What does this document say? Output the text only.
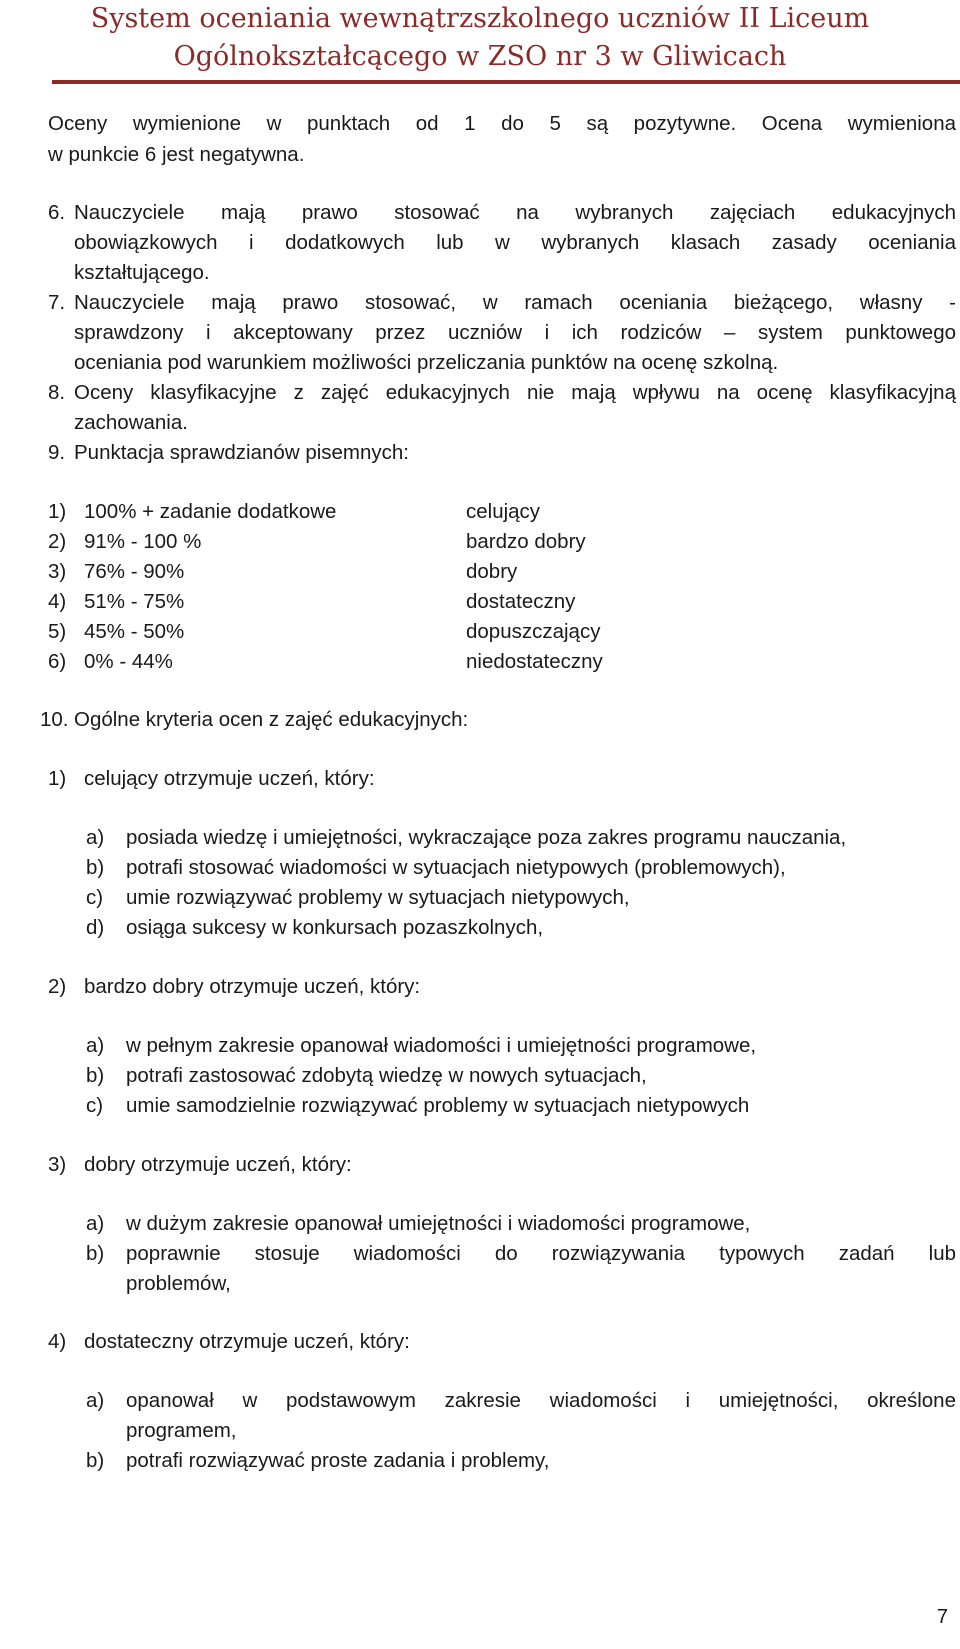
System oceniania wewnątrzszkolnego uczniów II Liceum
Ogólnokształcącego w ZSO nr 3 w Gliwicach
Oceny wymienione w punktach od 1 do 5 są pozytywne. Ocena wymieniona
w punkcie 6 jest negatywna.
6. Nauczyciele mają prawo stosować na wybranych zajęciach edukacyjnych
obowiązkowych i dodatkowych lub w wybranych klasach zasady oceniania
kształtującego.
7. Nauczyciele mają prawo stosować, w ramach oceniania bieżącego, własny -
sprawdzony i akceptowany przez uczniów i ich rodziców – system punktowego
oceniania pod warunkiem możliwości przeliczania punktów na ocenę szkolną.
8. Oceny klasyfikacyjne z zajęć edukacyjnych nie mają wpływu na ocenę klasyfikacyjną
zachowania.
9. Punktacja sprawdzianów pisemnych:
1) 100% + zadanie dodatkowe	celujący
2) 91% - 100 %	bardzo dobry
3) 76% - 90%	dobry
4) 51% - 75%	dostateczny
5) 45% - 50%	dopuszczający
6) 0% - 44%	niedostateczny
10. Ogólne kryteria ocen z zajęć edukacyjnych:
1) celujący otrzymuje uczeń, który:
a) posiada wiedzę i umiejętności, wykraczające poza zakres programu nauczania,
b) potrafi stosować wiadomości w sytuacjach nietypowych (problemowych),
c) umie rozwiązywać problemy w sytuacjach nietypowych,
d) osiąga sukcesy w konkursach pozaszkolnych,
2) bardzo dobry otrzymuje uczeń, który:
a) w pełnym zakresie opanował wiadomości i umiejętności programowe,
b) potrafi zastosować zdobytą wiedzę w nowych sytuacjach,
c) umie samodzielnie rozwiązywać problemy w sytuacjach nietypowych
3) dobry otrzymuje uczeń, który:
a) w dużym zakresie opanował umiejętności i wiadomości programowe,
b) poprawnie stosuje wiadomości do rozwiązywania typowych zadań lub
problemów,
4) dostateczny otrzymuje uczeń, który:
a) opanował w podstawowym zakresie wiadomości i umiejętności, określone
programem,
b) potrafi rozwiązywać proste zadania i problemy,
7
